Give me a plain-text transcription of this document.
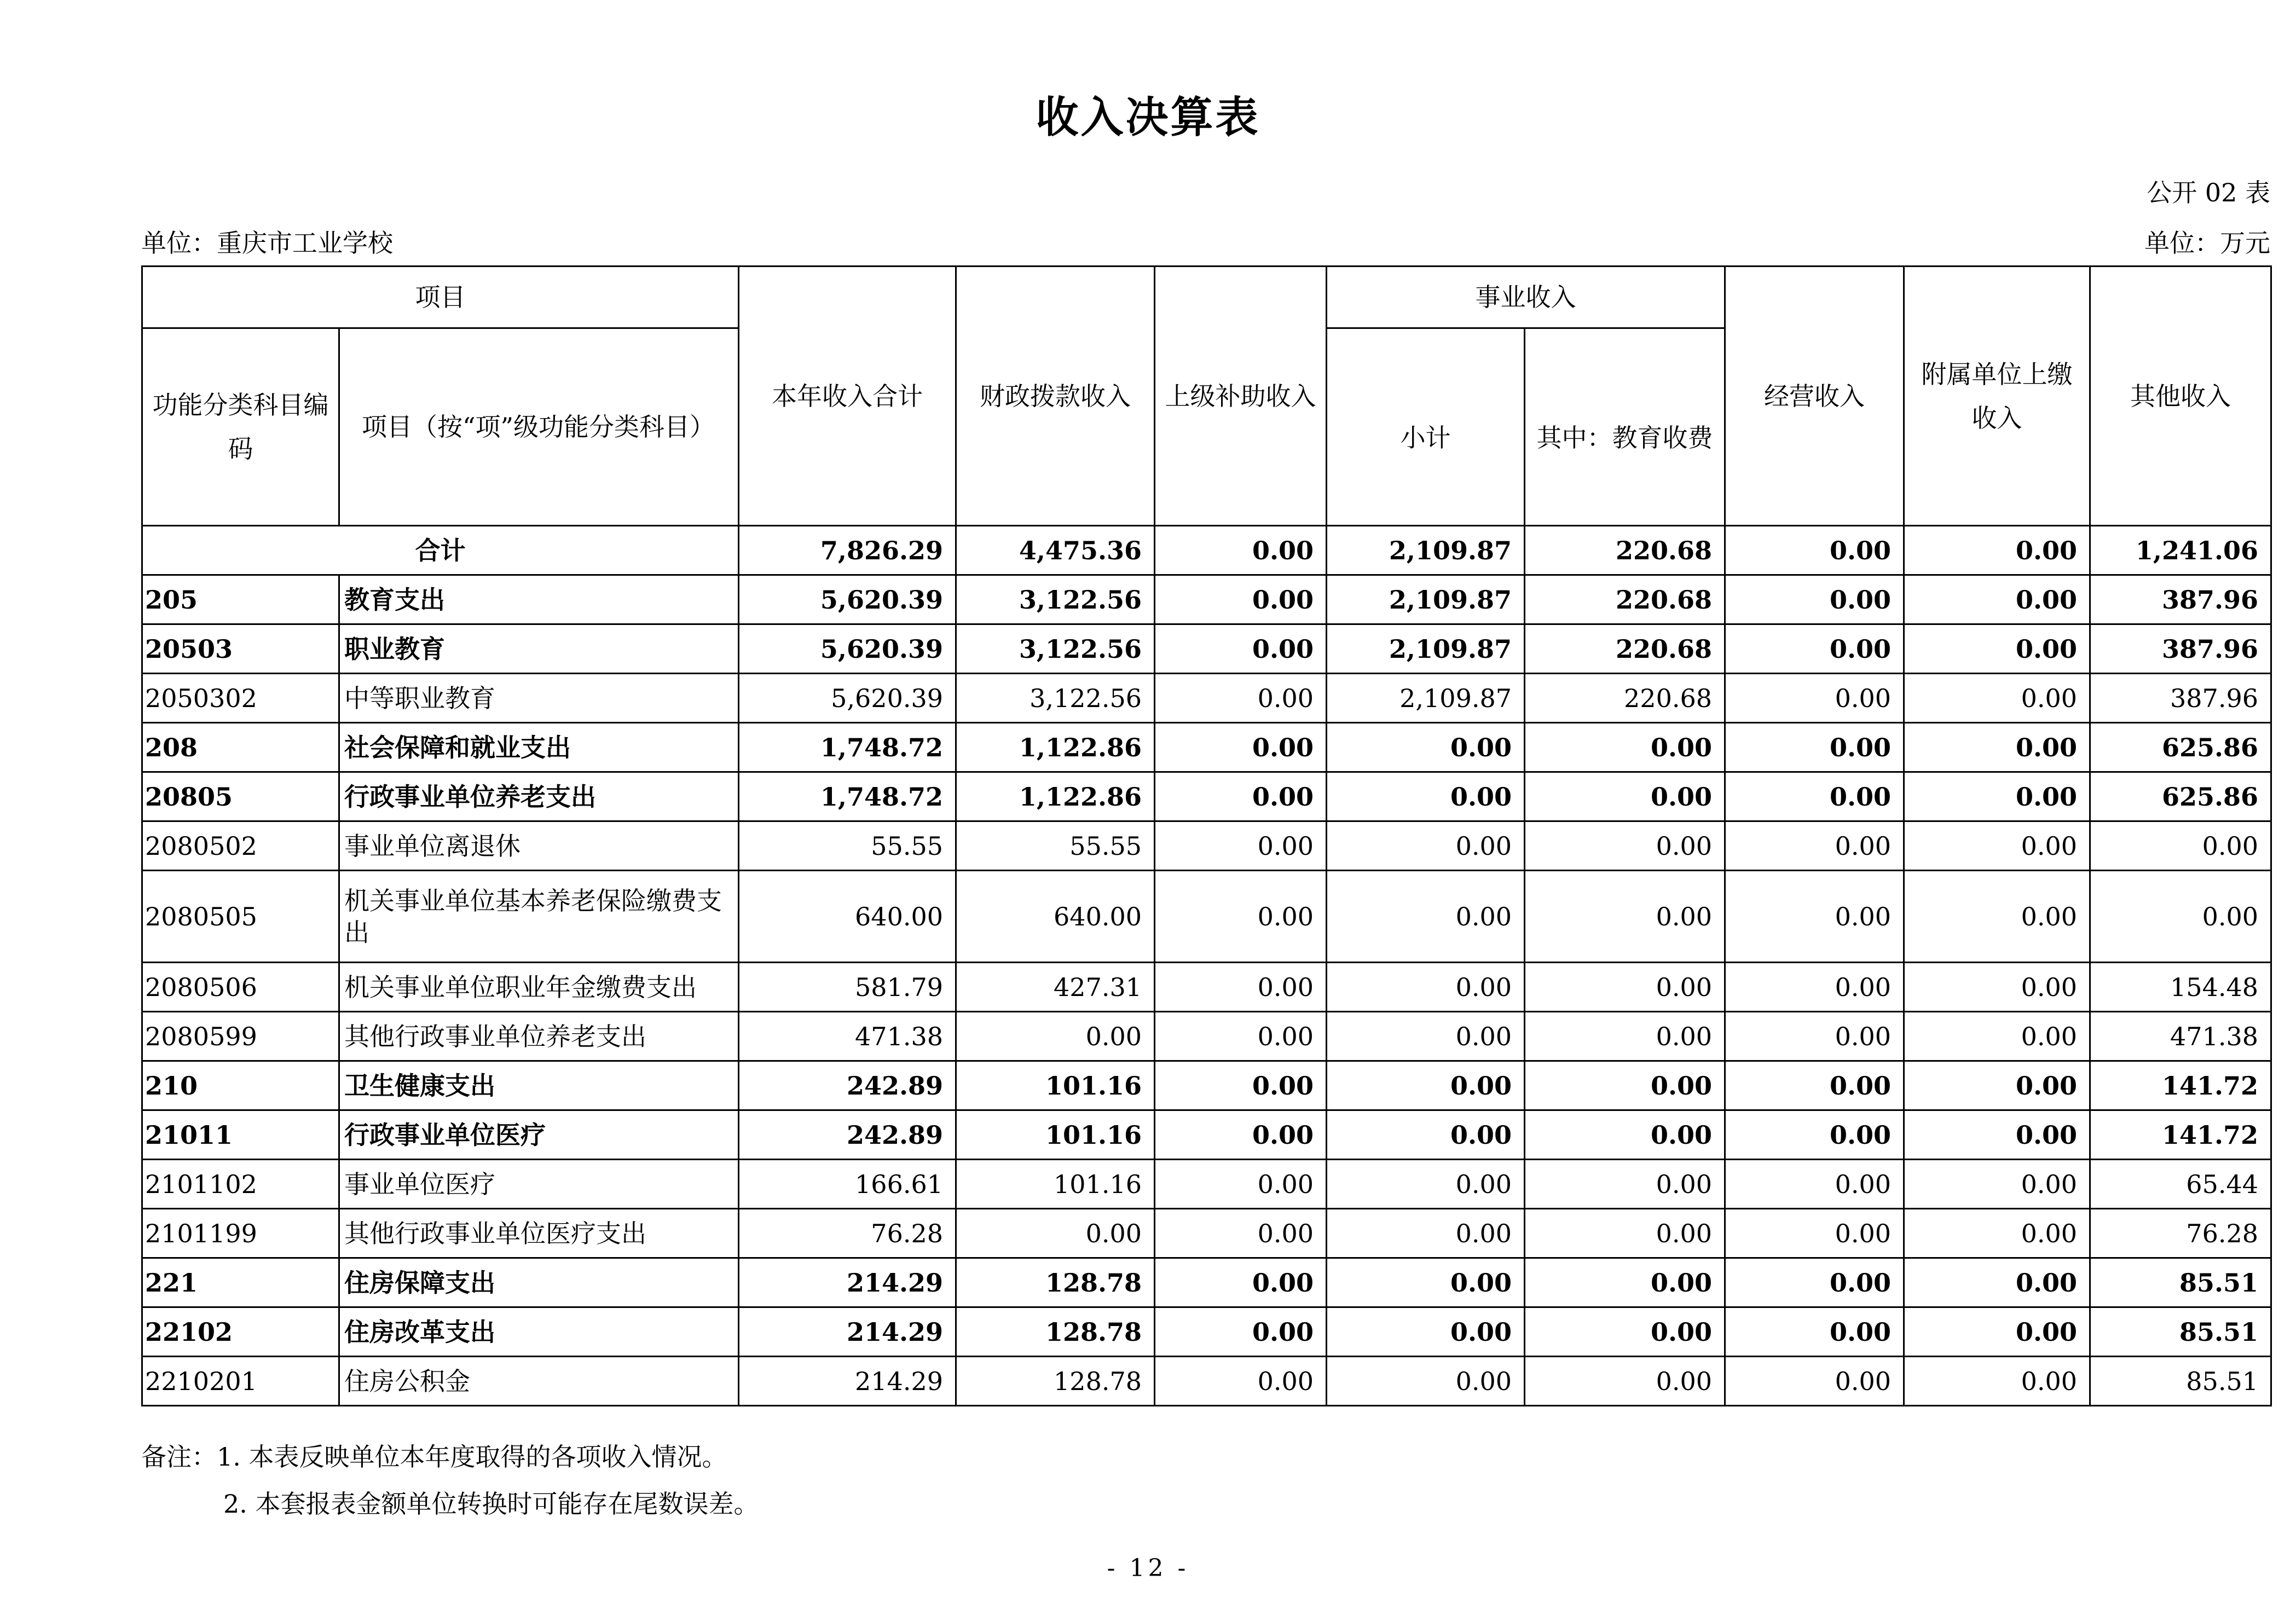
收入决算表
公开 02 表
单位：重庆市工业学校	单位：万元
项目		本年收入合计	财政拨款收入	上级补助收入	事业收入		经营收入	附属单位上缴收入	其他收入
功能分类科目编码	项目（按“项”级功能分类科目）				小计	其中：教育收费			
合计		7,826.29	4,475.36	0.00	2,109.87	220.68	0.00	0.00	1,241.06
205	教育支出	5,620.39	3,122.56	0.00	2,109.87	220.68	0.00	0.00	387.96
20503	职业教育	5,620.39	3,122.56	0.00	2,109.87	220.68	0.00	0.00	387.96
2050302	中等职业教育	5,620.39	3,122.56	0.00	2,109.87	220.68	0.00	0.00	387.96
208	社会保障和就业支出	1,748.72	1,122.86	0.00	0.00	0.00	0.00	0.00	625.86
20805	行政事业单位养老支出	1,748.72	1,122.86	0.00	0.00	0.00	0.00	0.00	625.86
2080502	事业单位离退休	55.55	55.55	0.00	0.00	0.00	0.00	0.00	0.00
2080505	机关事业单位基本养老保险缴费支出	640.00	640.00	0.00	0.00	0.00	0.00	0.00	0.00
2080506	机关事业单位职业年金缴费支出	581.79	427.31	0.00	0.00	0.00	0.00	0.00	154.48
2080599	其他行政事业单位养老支出	471.38	0.00	0.00	0.00	0.00	0.00	0.00	471.38
210	卫生健康支出	242.89	101.16	0.00	0.00	0.00	0.00	0.00	141.72
21011	行政事业单位医疗	242.89	101.16	0.00	0.00	0.00	0.00	0.00	141.72
2101102	事业单位医疗	166.61	101.16	0.00	0.00	0.00	0.00	0.00	65.44
2101199	其他行政事业单位医疗支出	76.28	0.00	0.00	0.00	0.00	0.00	0.00	76.28
221	住房保障支出	214.29	128.78	0.00	0.00	0.00	0.00	0.00	85.51
22102	住房改革支出	214.29	128.78	0.00	0.00	0.00	0.00	0.00	85.51
2210201	住房公积金	214.29	128.78	0.00	0.00	0.00	0.00	0.00	85.51
备注：1. 本表反映单位本年度取得的各项收入情况。
2. 本套报表金额单位转换时可能存在尾数误差。
- 12 -
